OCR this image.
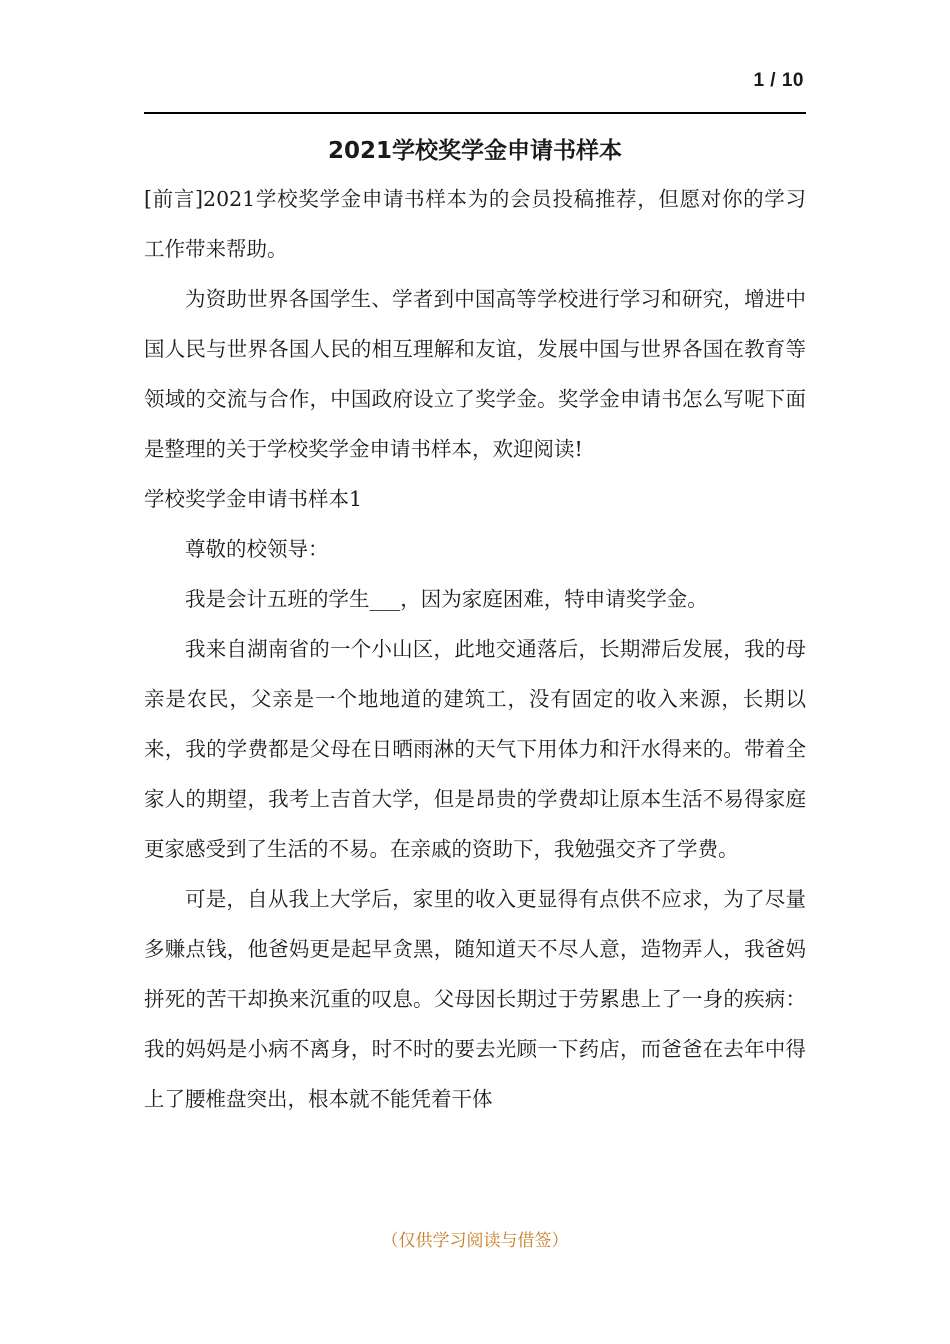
1 / 10
2021学校奖学金申请书样本

[前言]2021学校奖学金申请书样本为的会员投稿推荐，但愿对你的学习工作带来帮助。

为资助世界各国学生、学者到中国高等学校进行学习和研究，增进中国人民与世界各国人民的相互理解和友谊，发展中国与世界各国在教育等领域的交流与合作，中国政府设立了奖学金。奖学金申请书怎么写呢下面是整理的关于学校奖学金申请书样本，欢迎阅读!

学校奖学金申请书样本1

尊敬的校领导：

我是会计五班的学生___，因为家庭困难，特申请奖学金。

我来自湖南省的一个小山区，此地交通落后，长期滞后发展，我的母亲是农民，父亲是一个地地道的建筑工，没有固定的收入来源，长期以来，我的学费都是父母在日晒雨淋的天气下用体力和汗水得来的。带着全家人的期望，我考上吉首大学，但是昂贵的学费却让原本生活不易得家庭更家感受到了生活的不易。在亲戚的资助下，我勉强交齐了学费。

可是，自从我上大学后，家里的收入更显得有点供不应求，为了尽量多赚点钱，他爸妈更是起早贪黑，随知道天不尽人意，造物弄人，我爸妈拼死的苦干却换来沉重的叹息。父母因长期过于劳累患上了一身的疾病：我的妈妈是小病不离身，时不时的要去光顾一下药店，而爸爸在去年中得上了腰椎盘突出，根本就不能凭着干体

（仅供学习阅读与借签）
